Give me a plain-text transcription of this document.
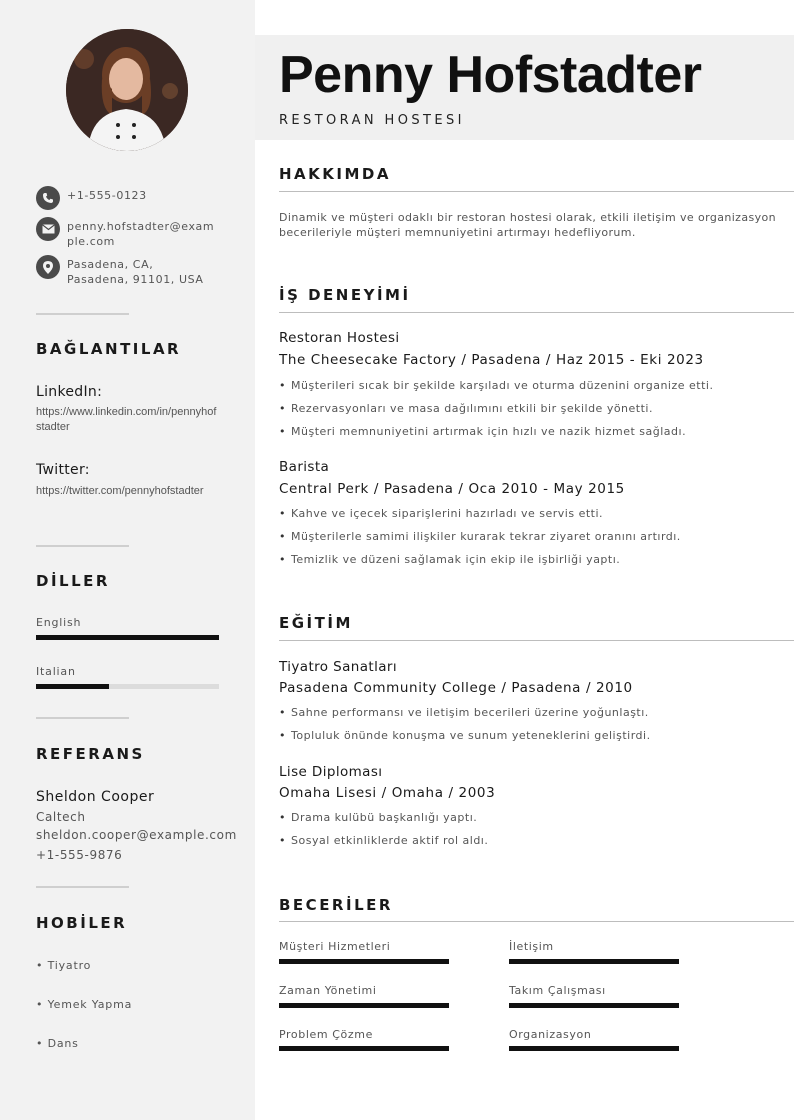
+1-555-0123
penny.hofstadter@example.com
Pasadena, CA, Pasadena, 91101, USA
BAĞLANTILAR
LinkedIn:
https://www.linkedin.com/in/pennyhofstadter
Twitter:
https://twitter.com/pennyhofstadter
DİLLER
English
Italian
REFERANS
Sheldon Cooper
Caltech
sheldon.cooper@example.com
+1-555-9876
HOBİLER
• Tiyatro
• Yemek Yapma
• Dans
Penny Hofstadter
RESTORAN HOSTESI
HAKKIMDA
Dinamik ve müşteri odaklı bir restoran hostesi olarak, etkili iletişim ve organizasyon becerileriyle müşteri memnuniyetini artırmayı hedefliyorum.
İŞ DENEYİMİ
Restoran Hostesi
The Cheesecake Factory / Pasadena / Haz 2015 - Eki 2023
• Müşterileri sıcak bir şekilde karşıladı ve oturma düzenini organize etti.
• Rezervasyonları ve masa dağılımını etkili bir şekilde yönetti.
• Müşteri memnuniyetini artırmak için hızlı ve nazik hizmet sağladı.
Barista
Central Perk / Pasadena / Oca 2010 - May 2015
• Kahve ve içecek siparişlerini hazırladı ve servis etti.
• Müşterilerle samimi ilişkiler kurarak tekrar ziyaret oranını artırdı.
• Temizlik ve düzeni sağlamak için ekip ile işbirliği yaptı.
EĞİTİM
Tiyatro Sanatları
Pasadena Community College / Pasadena / 2010
• Sahne performansı ve iletişim becerileri üzerine yoğunlaştı.
• Topluluk önünde konuşma ve sunum yeteneklerini geliştirdi.
Lise Diploması
Omaha Lisesi / Omaha / 2003
• Drama kulübü başkanlığı yaptı.
• Sosyal etkinliklerde aktif rol aldı.
BECERİLER
Müşteri Hizmetleri	İletişim
Zaman Yönetimi	Takım Çalışması
Problem Çözme	Organizasyon
